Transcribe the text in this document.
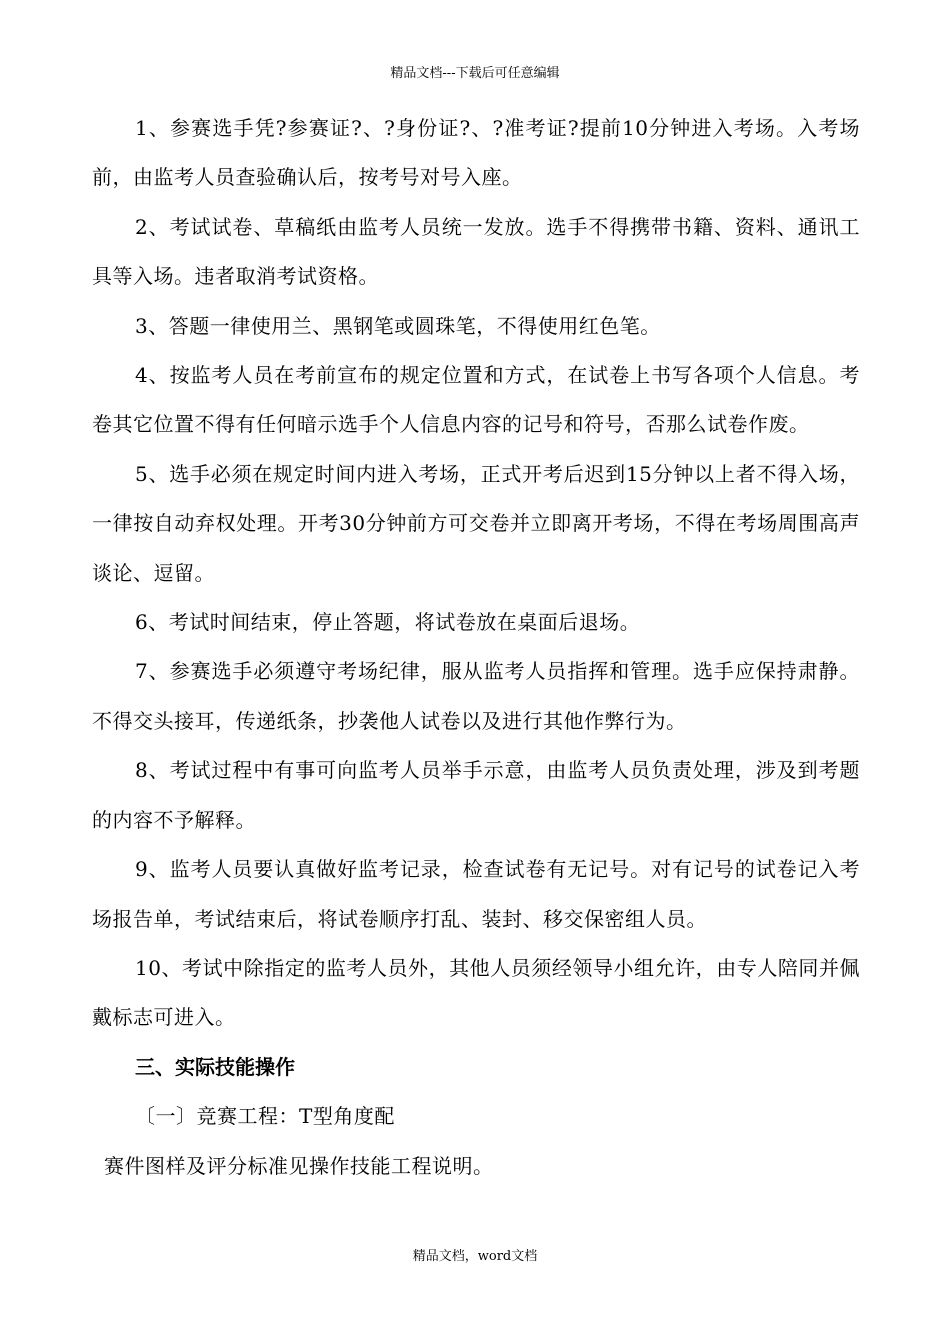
精品文档---下载后可任意编辑

1、参赛选手凭?参赛证?、?身份证?、?准考证?提前10分钟进入考场。入考场前，由监考人员查验确认后，按考号对号入座。

2、考试试卷、草稿纸由监考人员统一发放。选手不得携带书籍、资料、通讯工具等入场。违者取消考试资格。

3、答题一律使用兰、黑钢笔或圆珠笔，不得使用红色笔。

4、按监考人员在考前宣布的规定位置和方式，在试卷上书写各项个人信息。考卷其它位置不得有任何暗示选手个人信息内容的记号和符号，否那么试卷作废。

5、选手必须在规定时间内进入考场，正式开考后迟到15分钟以上者不得入场，一律按自动弃权处理。开考30分钟前方可交卷并立即离开考场，不得在考场周围高声谈论、逗留。

6、考试时间结束，停止答题，将试卷放在桌面后退场。

7、参赛选手必须遵守考场纪律，服从监考人员指挥和管理。选手应保持肃静。不得交头接耳，传递纸条，抄袭他人试卷以及进行其他作弊行为。

8、考试过程中有事可向监考人员举手示意，由监考人员负责处理，涉及到考题的内容不予解释。

9、监考人员要认真做好监考记录，检查试卷有无记号。对有记号的试卷记入考场报告单，考试结束后，将试卷顺序打乱、装封、移交保密组人员。

10、考试中除指定的监考人员外，其他人员须经领导小组允许，由专人陪同并佩戴标志可进入。

三、实际技能操作

〔一〕竞赛工程：T型角度配

赛件图样及评分标准见操作技能工程说明。

精品文档，word文档
